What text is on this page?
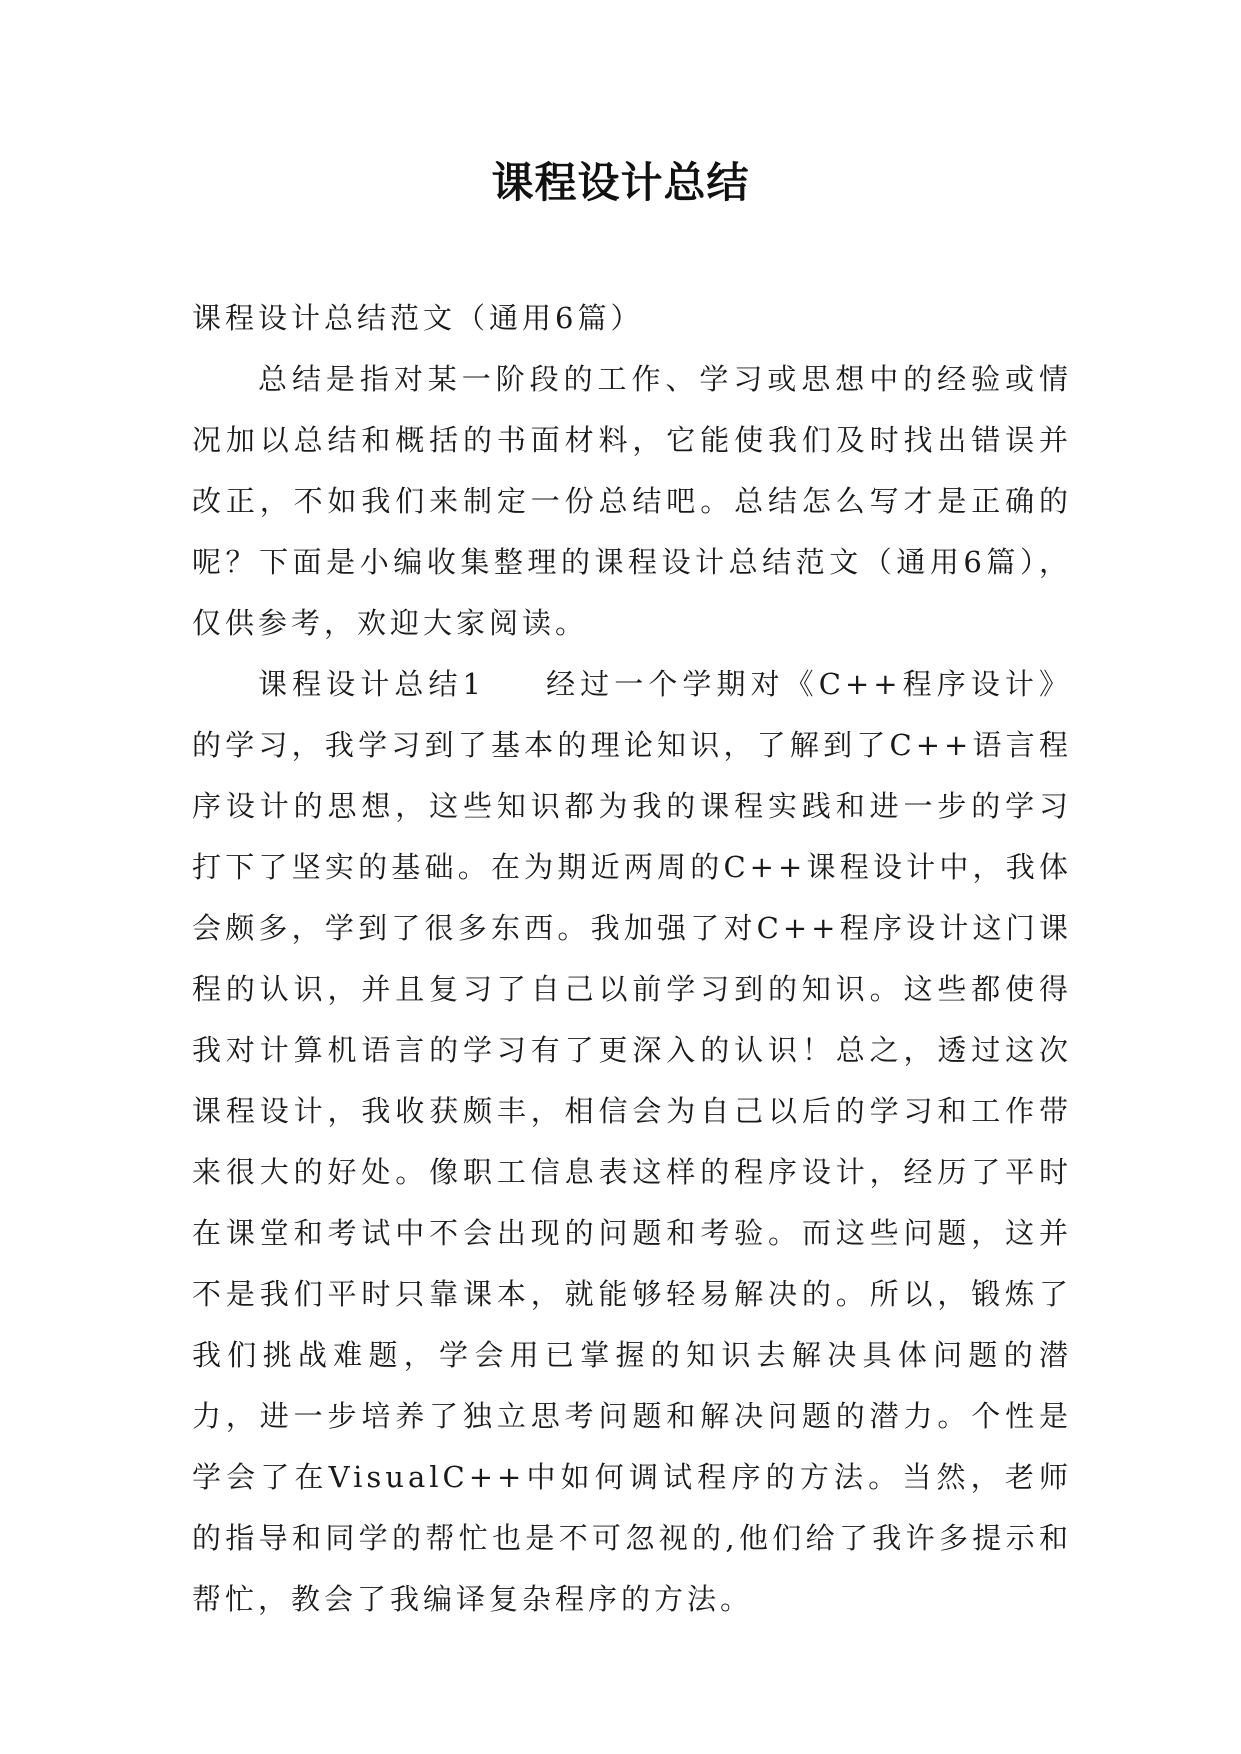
课程设计总结

课程设计总结范文（通用6篇）

总结是指对某一阶段的工作、学习或思想中的经验或情况加以总结和概括的书面材料，它能使我们及时找出错误并改正，不如我们来制定一份总结吧。总结怎么写才是正确的呢？下面是小编收集整理的课程设计总结范文（通用6篇），仅供参考，欢迎大家阅读。

课程设计总结1 经过一个学期对《C++程序设计》的学习，我学习到了基本的理论知识，了解到了C++语言程序设计的思想，这些知识都为我的课程实践和进一步的学习打下了坚实的基础。在为期近两周的C++课程设计中，我体会颇多，学到了很多东西。我加强了对C++程序设计这门课程的认识，并且复习了自己以前学习到的知识。这些都使得我对计算机语言的学习有了更深入的认识！总之，透过这次课程设计，我收获颇丰，相信会为自己以后的学习和工作带来很大的好处。像职工信息表这样的程序设计，经历了平时在课堂和考试中不会出现的问题和考验。而这些问题，这并不是我们平时只靠课本，就能够轻易解决的。所以，锻炼了我们挑战难题，学会用已掌握的知识去解决具体问题的潜力，进一步培养了独立思考问题和解决问题的潜力。个性是学会了在VisualC++中如何调试程序的方法。当然，老师的指导和同学的帮忙也是不可忽视的,他们给了我许多提示和帮忙，教会了我编译复杂程序的方法。
